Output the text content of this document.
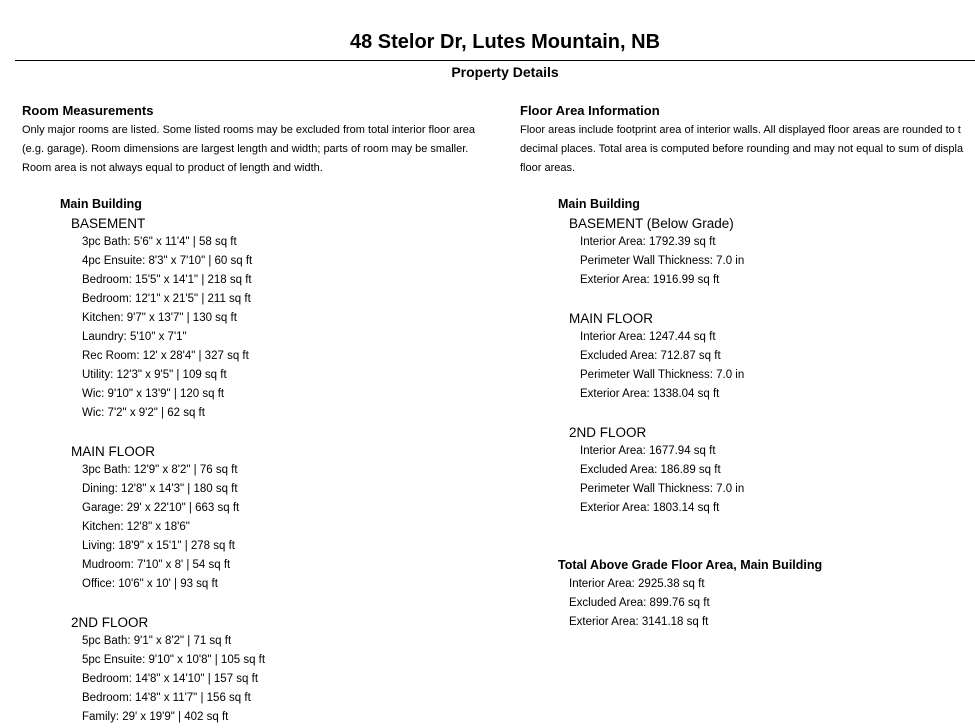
48 Stelor Dr, Lutes Mountain, NB
Property Details
Room Measurements
Only major rooms are listed. Some listed rooms may be excluded from total interior floor area
(e.g. garage). Room dimensions are largest length and width; parts of room may be smaller.
Room area is not always equal to product of length and width.
Main Building
BASEMENT
3pc Bath: 5'6" x 11'4" | 58 sq ft
4pc Ensuite: 8'3" x 7'10" | 60 sq ft
Bedroom: 15'5" x 14'1" | 218 sq ft
Bedroom: 12'1" x 21'5" | 211 sq ft
Kitchen: 9'7" x 13'7" | 130 sq ft
Laundry: 5'10" x 7'1"
Rec Room: 12' x 28'4" | 327 sq ft
Utility: 12'3" x 9'5" | 109 sq ft
Wic: 9'10" x 13'9" | 120 sq ft
Wic: 7'2" x 9'2" | 62 sq ft
MAIN FLOOR
3pc Bath: 12'9" x 8'2" | 76 sq ft
Dining: 12'8" x 14'3" | 180 sq ft
Garage: 29' x 22'10" | 663 sq ft
Kitchen: 12'8" x 18'6"
Living: 18'9" x 15'1" | 278 sq ft
Mudroom: 7'10" x 8' | 54 sq ft
Office: 10'6" x 10' | 93 sq ft
2ND FLOOR
5pc Bath: 9'1" x 8'2" | 71 sq ft
5pc Ensuite: 9'10" x 10'8" | 105 sq ft
Bedroom: 14'8" x 14'10" | 157 sq ft
Bedroom: 14'8" x 11'7" | 156 sq ft
Family: 29' x 19'9" | 402 sq ft
Floor Area Information
Floor areas include footprint area of interior walls. All displayed floor areas are rounded to t
decimal places. Total area is computed before rounding and may not equal to sum of displa
floor areas.
Main Building
BASEMENT (Below Grade)
Interior Area: 1792.39 sq ft
Perimeter Wall Thickness: 7.0 in
Exterior Area: 1916.99 sq ft
MAIN FLOOR
Interior Area: 1247.44 sq ft
Excluded Area: 712.87 sq ft
Perimeter Wall Thickness: 7.0 in
Exterior Area: 1338.04 sq ft
2ND FLOOR
Interior Area: 1677.94 sq ft
Excluded Area: 186.89 sq ft
Perimeter Wall Thickness: 7.0 in
Exterior Area: 1803.14 sq ft
Total Above Grade Floor Area, Main Building
Interior Area: 2925.38 sq ft
Excluded Area: 899.76 sq ft
Exterior Area: 3141.18 sq ft
